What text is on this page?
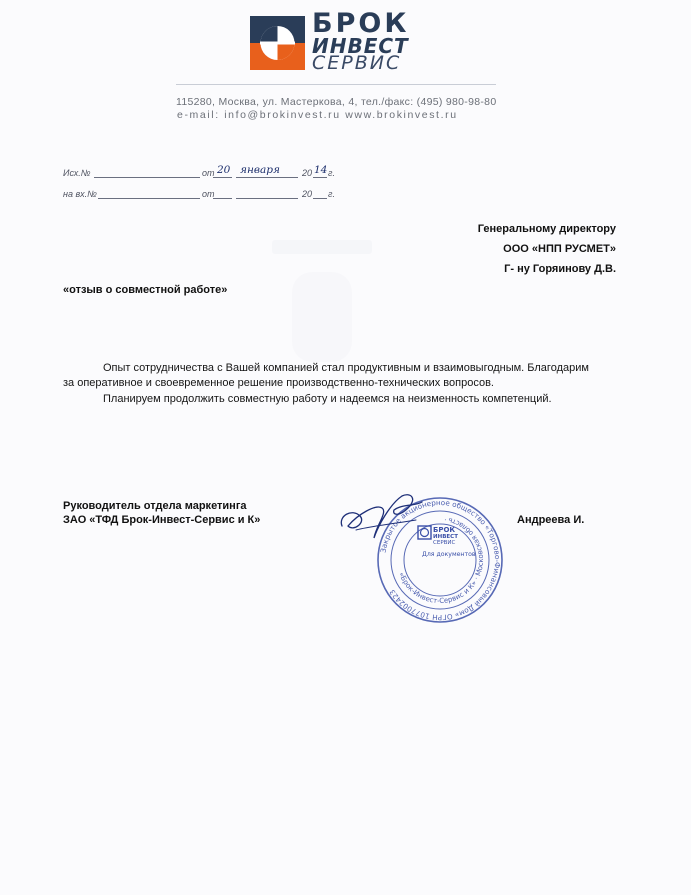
БРОК
ИНВЕСТ
СЕРВИС
115280, Москва, ул. Мастеркова, 4, тел./факс: (495) 980-98-80
e-mail: info@brokinvest.ru www.brokinvest.ru
Исх.№	от 20 января 20 14 г.
на вх.№	от	20 г.
Генеральному директору
ООО «НПП РУСМЕТ»
Г- ну Горяинову Д.В.
«отзыв о совместной работе»
Опыт сотрудничества с Вашей компанией стал продуктивным и взаимовыгодным. Благодарим
за оперативное и своевременное решение производственно-технических вопросов.
Планируем продолжить совместную работу и надеемся на неизменность компетенций.
Руководитель отдела маркетинга
ЗАО «ТФД Брок-Инвест-Сервис и К»	Андреева И.
Закрытое акционерное общество «Торгово-Финансовый Дом» ОГРН 1077002423
«Брок-Инвест-Сервис и К» · Московская область ·
БРОК
ИНВЕСТ
СЕРВИС
Для документов
